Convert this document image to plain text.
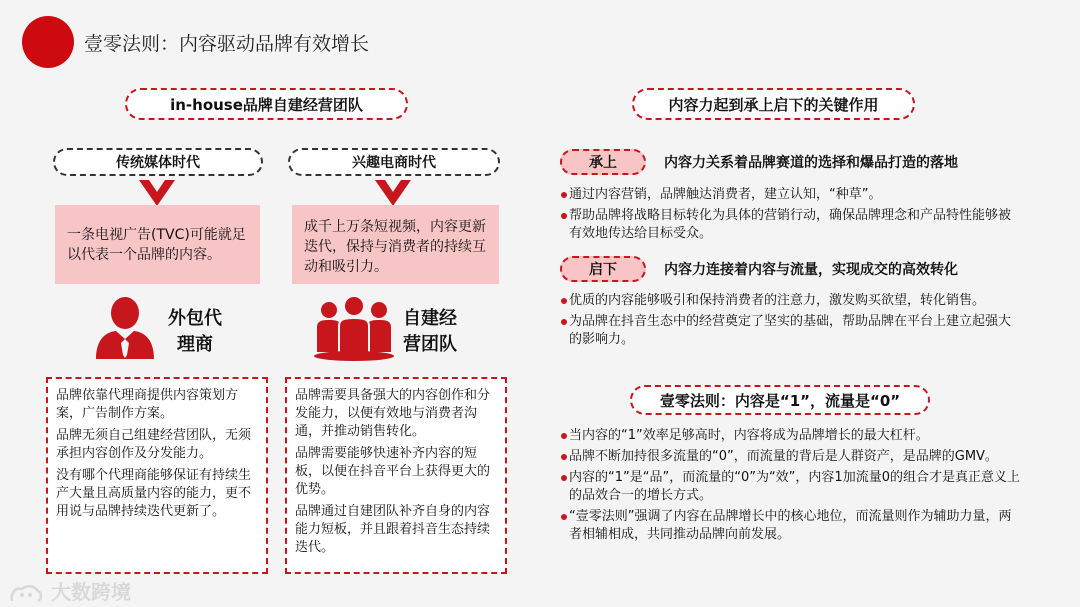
壹零法则：内容驱动品牌有效增长
in-house品牌自建经营团队
传统媒体时代	兴趣电商时代
一条电视广告(TVC)可能就足以代表一个品牌的内容。
成千上万条短视频，内容更新迭代，保持与消费者的持续互动和吸引力。
外包代
理商
自建经
营团队

品牌依靠代理商提供内容策划方案，广告制作方案。

品牌无须自己组建经营团队，无须承担内容创作及分发能力。

没有哪个代理商能够保证有持续生产大量且高质量内容的能力，更不用说与品牌持续迭代更新了。

品牌需要具备强大的内容创作和分发能力，以便有效地与消费者沟通，并推动销售转化。

品牌需要能够快速补齐内容的短板，以便在抖音平台上获得更大的优势。

品牌通过自建团队补齐自身的内容能力短板，并且跟着抖音生态持续迭代。

内容力起到承上启下的关键作用
承上	内容力关系着品牌赛道的选择和爆品打造的落地
通过内容营销，品牌触达消费者，建立认知，“种草”。
帮助品牌将战略目标转化为具体的营销行动，确保品牌理念和产品特性能够被有效地传达给目标受众。
启下	内容力连接着内容与流量，实现成交的高效转化
优质的内容能够吸引和保持消费者的注意力，激发购买欲望，转化销售。
为品牌在抖音生态中的经营奠定了坚实的基础，帮助品牌在平台上建立起强大的影响力。
壹零法则：内容是“1”，流量是“0”
当内容的“1”效率足够高时，内容将成为品牌增长的最大杠杆。
品牌不断加持很多流量的“0”，而流量的背后是人群资产，是品牌的GMV。
内容的“1”是“品”，而流量的“0”为“效”，内容1加流量0的组合才是真正意义上的品效合一的增长方式。
“壹零法则”强调了内容在品牌增长中的核心地位，而流量则作为辅助力量，两者相辅相成，共同推动品牌向前发展。
大数跨境
